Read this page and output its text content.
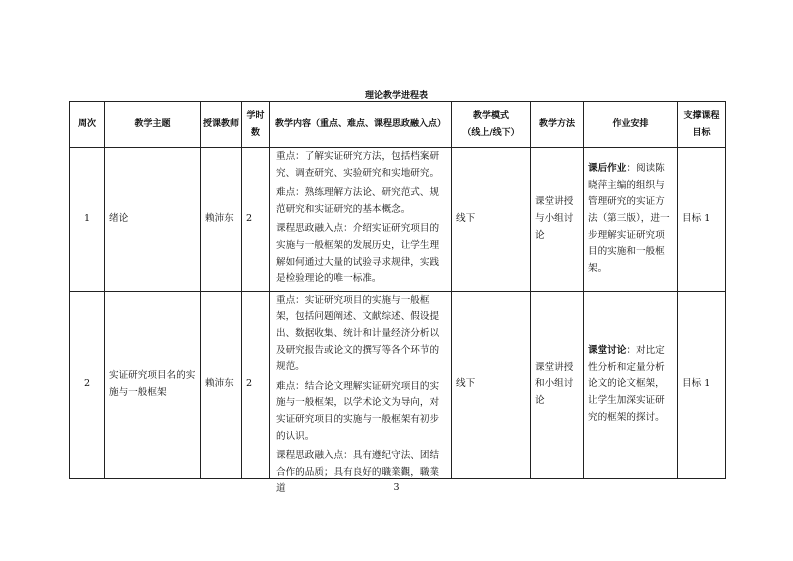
理论教学进程表
周次	教学主题	授课教师	学时数	教学内容（重点、难点、课程思政融入点）	教学模式
（线上/线下）	教学方法	作业安排	支撑课程目标
1	绪论	赖沛东	2	重点：了解实证研究方法，包括档案研究、调查研究、实验研究和实地研究。

难点：熟练理解方法论、研究范式、规范研究和实证研究的基本概念。

课程思政融入点：介绍实证研究项目的实施与一般框架的发展历史，让学生理解如何通过大量的试验寻求规律，实践是检验理论的唯一标准。	线下	课堂讲授与小组讨论	课后作业：阅读陈晓萍主编的组织与管理研究的实证方法（第三版），进一步理解实证研究项目的实施和一般框架。	目标 1
2	实证研究项目名的实施与一般框架	赖沛东	2	重点：实证研究项目的实施与一般框架，包括问题阐述、文献综述、假设提出、数据收集、统计和计量经济分析以及研究报告或论文的撰写等各个环节的规范。

难点：结合论文理解实证研究项目的实施与一般框架，以学术论文为导向，对实证研究项目的实施与一般框架有初步的认识。

课程思政融入点：具有遵纪守法、团结合作的品质；具有良好的職業觀，職業道	线下	课堂讲授和小组讨论	课堂讨论：对比定性分析和定量分析论文的论文框架，让学生加深实证研究的框架的探讨。	目标 1
3
